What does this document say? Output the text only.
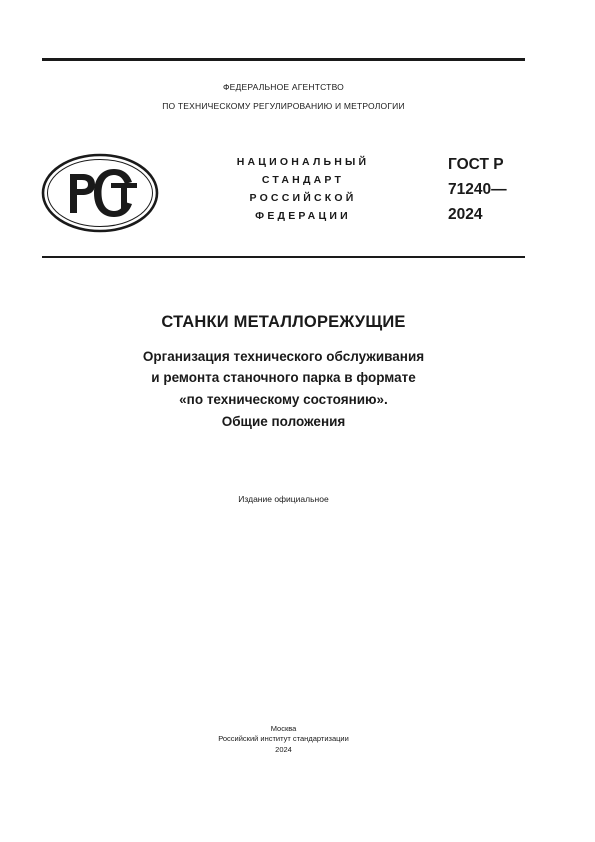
ФЕДЕРАЛЬНОЕ АГЕНТСТВО
ПО ТЕХНИЧЕСКОМУ РЕГУЛИРОВАНИЮ И МЕТРОЛОГИИ
НАЦИОНАЛЬНЫЙ
СТАНДАРТ
РОССИЙСКОЙ
ФЕДЕРАЦИИ
ГОСТ Р
71240—
2024
СТАНКИ МЕТАЛЛОРЕЖУЩИЕ
Организация технического обслуживания
и ремонта станочного парка в формате
«по техническому состоянию».
Общие положения
Издание официальное
Москва
Российский институт стандартизации
2024
